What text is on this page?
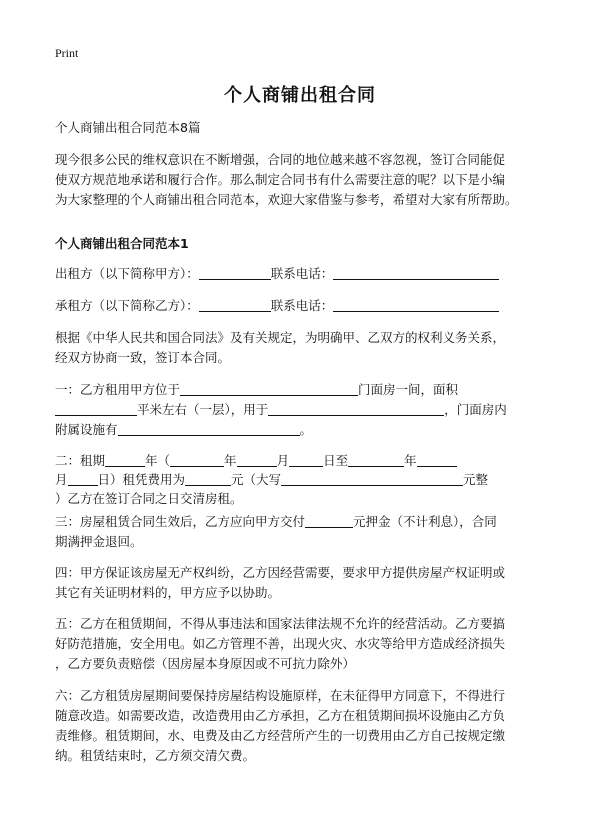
Print
个人商铺出租合同
个人商铺出租合同范本8篇
现今很多公民的维权意识在不断增强，合同的地位越来越不容忽视，签订合同能促
使双方规范地承诺和履行合作。那么制定合同书有什么需要注意的呢？以下是小编
为大家整理的个人商铺出租合同范本，欢迎大家借鉴与参考，希望对大家有所帮助。
个人商铺出租合同范本1
出租方（以下简称甲方）：	联系电话：
承租方（以下简称乙方）：	联系电话：
根据《中华人民共和国合同法》及有关规定，为明确甲、乙双方的权利义务关系，
经双方协商一致，签订本合同。
一：乙方租用甲方位于	门面房一间，面积
平米左右（一层），用于	，门面房内
附属设施有	。
二：租期	年（	年	月	日至	年
月 日）租凭费用为	元（大写	元整
）乙方在签订合同之日交清房租。
三：房屋租赁合同生效后，乙方应向甲方交付	元押金（不计利息），合同
期满押金退回。
四：甲方保证该房屋无产权纠纷，乙方因经营需要，要求甲方提供房屋产权证明或
其它有关证明材料的，甲方应予以协助。
五：乙方在租赁期间，不得从事违法和国家法律法规不允许的经营活动。乙方要搞
好防范措施，安全用电。如乙方管理不善，出现火灾、水灾等给甲方造成经济损失
，乙方要负责赔偿（因房屋本身原因或不可抗力除外）
六：乙方租赁房屋期间要保持房屋结构设施原样，在未征得甲方同意下，不得进行
随意改造。如需要改造，改造费用由乙方承担，乙方在租赁期间损坏设施由乙方负
责维修。租赁期间，水、电费及由乙方经营所产生的一切费用由乙方自己按规定缴
纳。租赁结束时，乙方须交清欠费。
